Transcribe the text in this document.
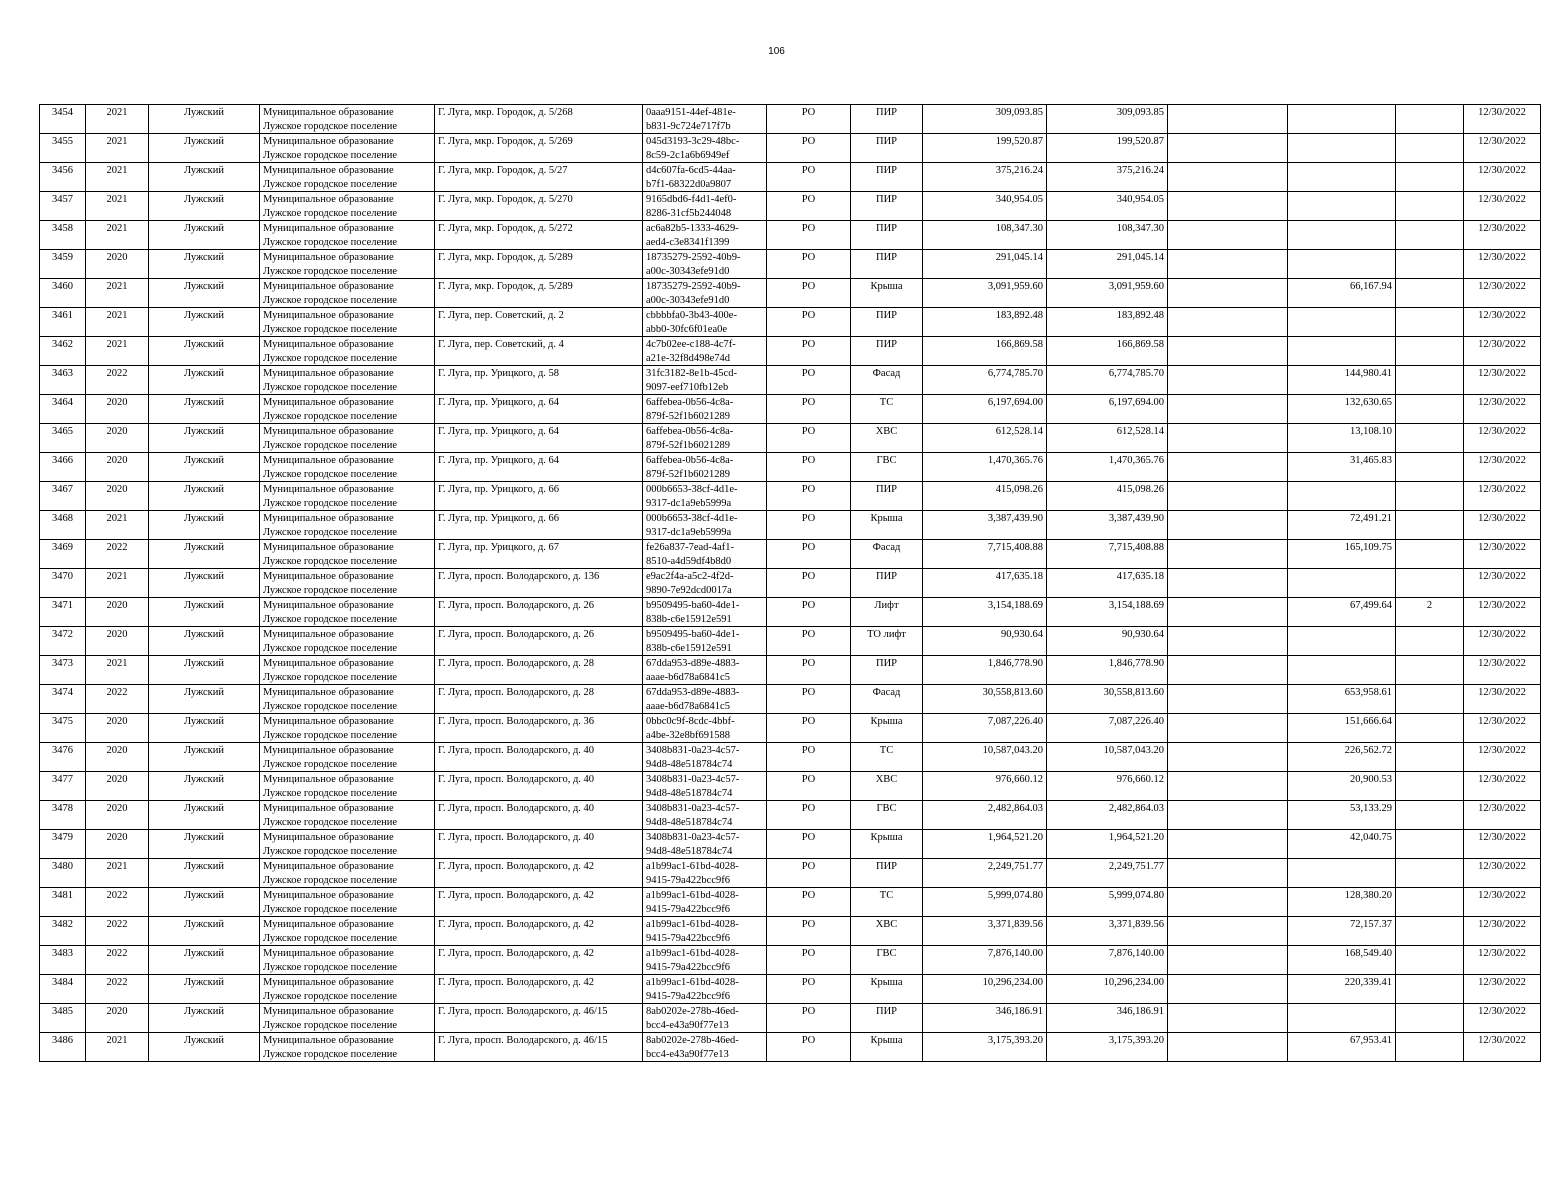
106
3454	2021	Лужский	Муниципальное образование
Лужское городское поселение	Г. Луга, мкр. Городок, д. 5/268	0aaa9151-44ef-481e-
b831-9c724e717f7b	РО	ПИР	309,093.85	309,093.85				12/30/2022
3455	2021	Лужский	Муниципальное образование
Лужское городское поселение	Г. Луга, мкр. Городок, д. 5/269	045d3193-3c29-48bc-
8c59-2c1a6b6949ef	РО	ПИР	199,520.87	199,520.87				12/30/2022
3456	2021	Лужский	Муниципальное образование
Лужское городское поселение	Г. Луга, мкр. Городок, д. 5/27	d4c607fa-6cd5-44aa-
b7f1-68322d0a9807	РО	ПИР	375,216.24	375,216.24				12/30/2022
3457	2021	Лужский	Муниципальное образование
Лужское городское поселение	Г. Луга, мкр. Городок, д. 5/270	9165dbd6-f4d1-4ef0-
8286-31cf5b244048	РО	ПИР	340,954.05	340,954.05				12/30/2022
3458	2021	Лужский	Муниципальное образование
Лужское городское поселение	Г. Луга, мкр. Городок, д. 5/272	ac6a82b5-1333-4629-
aed4-c3e8341f1399	РО	ПИР	108,347.30	108,347.30				12/30/2022
3459	2020	Лужский	Муниципальное образование
Лужское городское поселение	Г. Луга, мкр. Городок, д. 5/289	18735279-2592-40b9-
a00c-30343efe91d0	РО	ПИР	291,045.14	291,045.14				12/30/2022
3460	2021	Лужский	Муниципальное образование
Лужское городское поселение	Г. Луга, мкр. Городок, д. 5/289	18735279-2592-40b9-
a00c-30343efe91d0	РО	Крыша	3,091,959.60	3,091,959.60		66,167.94		12/30/2022
3461	2021	Лужский	Муниципальное образование
Лужское городское поселение	Г. Луга, пер. Советский, д. 2	cbbbbfa0-3b43-400e-
abb0-30fc6f01ea0e	РО	ПИР	183,892.48	183,892.48				12/30/2022
3462	2021	Лужский	Муниципальное образование
Лужское городское поселение	Г. Луга, пер. Советский, д. 4	4c7b02ee-c188-4c7f-
a21e-32f8d498e74d	РО	ПИР	166,869.58	166,869.58				12/30/2022
3463	2022	Лужский	Муниципальное образование
Лужское городское поселение	Г. Луга, пр. Урицкого, д. 58	31fc3182-8e1b-45cd-
9097-eef710fb12eb	РО	Фасад	6,774,785.70	6,774,785.70		144,980.41		12/30/2022
3464	2020	Лужский	Муниципальное образование
Лужское городское поселение	Г. Луга, пр. Урицкого, д. 64	6affebea-0b56-4c8a-
879f-52f1b6021289	РО	ТС	6,197,694.00	6,197,694.00		132,630.65		12/30/2022
3465	2020	Лужский	Муниципальное образование
Лужское городское поселение	Г. Луга, пр. Урицкого, д. 64	6affebea-0b56-4c8a-
879f-52f1b6021289	РО	ХВС	612,528.14	612,528.14		13,108.10		12/30/2022
3466	2020	Лужский	Муниципальное образование
Лужское городское поселение	Г. Луга, пр. Урицкого, д. 64	6affebea-0b56-4c8a-
879f-52f1b6021289	РО	ГВС	1,470,365.76	1,470,365.76		31,465.83		12/30/2022
3467	2020	Лужский	Муниципальное образование
Лужское городское поселение	Г. Луга, пр. Урицкого, д. 66	000b6653-38cf-4d1e-
9317-dc1a9eb5999a	РО	ПИР	415,098.26	415,098.26				12/30/2022
3468	2021	Лужский	Муниципальное образование
Лужское городское поселение	Г. Луга, пр. Урицкого, д. 66	000b6653-38cf-4d1e-
9317-dc1a9eb5999a	РО	Крыша	3,387,439.90	3,387,439.90		72,491.21		12/30/2022
3469	2022	Лужский	Муниципальное образование
Лужское городское поселение	Г. Луга, пр. Урицкого, д. 67	fe26a837-7ead-4af1-
8510-a4d59df4b8d0	РО	Фасад	7,715,408.88	7,715,408.88		165,109.75		12/30/2022
3470	2021	Лужский	Муниципальное образование
Лужское городское поселение	Г. Луга, просп. Володарского, д. 136	e9ac2f4a-a5c2-4f2d-
9890-7e92dcd0017a	РО	ПИР	417,635.18	417,635.18				12/30/2022
3471	2020	Лужский	Муниципальное образование
Лужское городское поселение	Г. Луга, просп. Володарского, д. 26	b9509495-ba60-4de1-
838b-c6e15912e591	РО	Лифт	3,154,188.69	3,154,188.69		67,499.64	2	12/30/2022
3472	2020	Лужский	Муниципальное образование
Лужское городское поселение	Г. Луга, просп. Володарского, д. 26	b9509495-ba60-4de1-
838b-c6e15912e591	РО	ТО лифт	90,930.64	90,930.64				12/30/2022
3473	2021	Лужский	Муниципальное образование
Лужское городское поселение	Г. Луга, просп. Володарского, д. 28	67dda953-d89e-4883-
aaae-b6d78a6841c5	РО	ПИР	1,846,778.90	1,846,778.90				12/30/2022
3474	2022	Лужский	Муниципальное образование
Лужское городское поселение	Г. Луга, просп. Володарского, д. 28	67dda953-d89e-4883-
aaae-b6d78a6841c5	РО	Фасад	30,558,813.60	30,558,813.60		653,958.61		12/30/2022
3475	2020	Лужский	Муниципальное образование
Лужское городское поселение	Г. Луга, просп. Володарского, д. 36	0bbc0c9f-8cdc-4bbf-
a4be-32e8bf691588	РО	Крыша	7,087,226.40	7,087,226.40		151,666.64		12/30/2022
3476	2020	Лужский	Муниципальное образование
Лужское городское поселение	Г. Луга, просп. Володарского, д. 40	3408b831-0a23-4c57-
94d8-48e518784c74	РО	ТС	10,587,043.20	10,587,043.20		226,562.72		12/30/2022
3477	2020	Лужский	Муниципальное образование
Лужское городское поселение	Г. Луга, просп. Володарского, д. 40	3408b831-0a23-4c57-
94d8-48e518784c74	РО	ХВС	976,660.12	976,660.12		20,900.53		12/30/2022
3478	2020	Лужский	Муниципальное образование
Лужское городское поселение	Г. Луга, просп. Володарского, д. 40	3408b831-0a23-4c57-
94d8-48e518784c74	РО	ГВС	2,482,864.03	2,482,864.03		53,133.29		12/30/2022
3479	2020	Лужский	Муниципальное образование
Лужское городское поселение	Г. Луга, просп. Володарского, д. 40	3408b831-0a23-4c57-
94d8-48e518784c74	РО	Крыша	1,964,521.20	1,964,521.20		42,040.75		12/30/2022
3480	2021	Лужский	Муниципальное образование
Лужское городское поселение	Г. Луга, просп. Володарского, д. 42	a1b99ac1-61bd-4028-
9415-79a422bcc9f6	РО	ПИР	2,249,751.77	2,249,751.77				12/30/2022
3481	2022	Лужский	Муниципальное образование
Лужское городское поселение	Г. Луга, просп. Володарского, д. 42	a1b99ac1-61bd-4028-
9415-79a422bcc9f6	РО	ТС	5,999,074.80	5,999,074.80		128,380.20		12/30/2022
3482	2022	Лужский	Муниципальное образование
Лужское городское поселение	Г. Луга, просп. Володарского, д. 42	a1b99ac1-61bd-4028-
9415-79a422bcc9f6	РО	ХВС	3,371,839.56	3,371,839.56		72,157.37		12/30/2022
3483	2022	Лужский	Муниципальное образование
Лужское городское поселение	Г. Луга, просп. Володарского, д. 42	a1b99ac1-61bd-4028-
9415-79a422bcc9f6	РО	ГВС	7,876,140.00	7,876,140.00		168,549.40		12/30/2022
3484	2022	Лужский	Муниципальное образование
Лужское городское поселение	Г. Луга, просп. Володарского, д. 42	a1b99ac1-61bd-4028-
9415-79a422bcc9f6	РО	Крыша	10,296,234.00	10,296,234.00		220,339.41		12/30/2022
3485	2020	Лужский	Муниципальное образование
Лужское городское поселение	Г. Луга, просп. Володарского, д. 46/15	8ab0202e-278b-46ed-
bcc4-e43a90f77e13	РО	ПИР	346,186.91	346,186.91				12/30/2022
3486	2021	Лужский	Муниципальное образование
Лужское городское поселение	Г. Луга, просп. Володарского, д. 46/15	8ab0202e-278b-46ed-
bcc4-e43a90f77e13	РО	Крыша	3,175,393.20	3,175,393.20		67,953.41		12/30/2022
